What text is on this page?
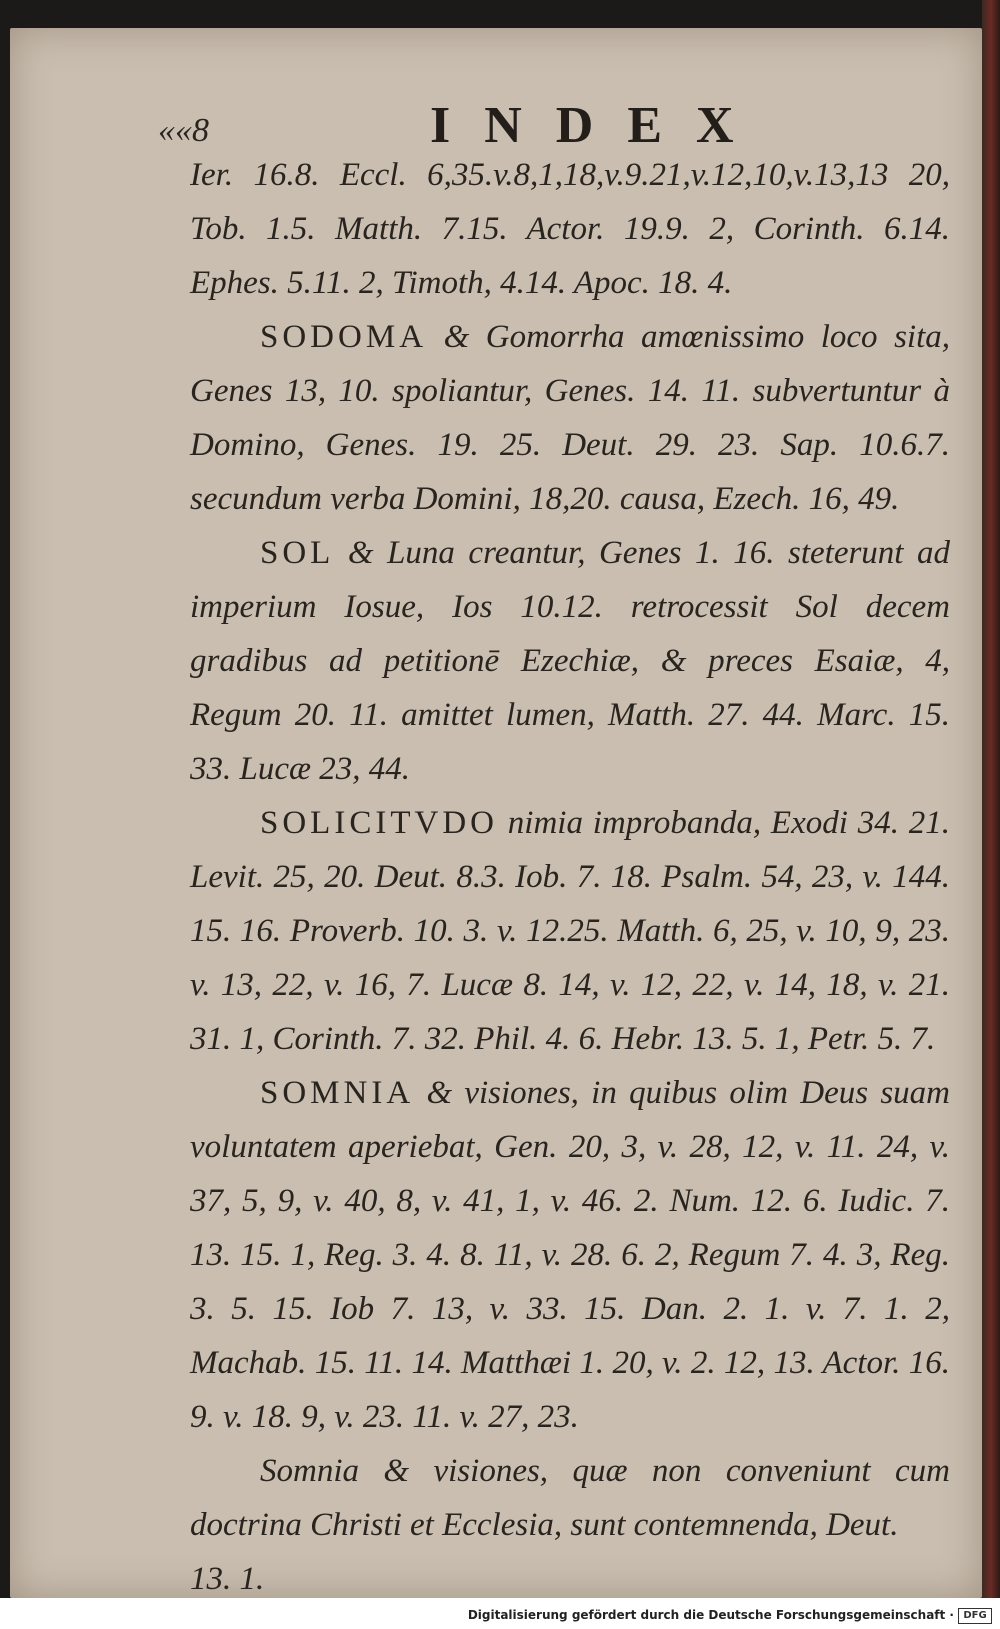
««8	INDEX

Ier. 16.8. Eccl. 6,35.v.8,1,18,v.9.21,v.12,10,v.13,13 20, Tob. 1.5. Matth. 7.15. Actor. 19.9. 2, Corinth. 6.14. Ephes. 5.11. 2, Timoth, 4.14. Apoc. 18. 4.

SODOMA & Gomorrha amœnissimo loco sita, Genes 13, 10. spoliantur, Genes. 14. 11. subvertuntur à Domino, Genes. 19. 25. Deut. 29. 23. Sap. 10.6.7. secundum verba Domini, 18,20. causa, Ezech. 16, 49.

SOL & Luna creantur, Genes 1. 16. steterunt ad imperium Iosue, Ios 10.12. retrocessit Sol decem gradibus ad petitionē Ezechiæ, & preces Esaiæ, 4, Regum 20. 11. amittet lumen, Matth. 27. 44. Marc. 15. 33. Lucæ 23, 44.

SOLICITVDO nimia improbanda, Exodi 34. 21. Levit. 25, 20. Deut. 8.3. Iob. 7. 18. Psalm. 54, 23, v. 144. 15. 16. Proverb. 10. 3. v. 12.25. Matth. 6, 25, v. 10, 9, 23. v. 13, 22, v. 16, 7. Lucæ 8. 14, v. 12, 22, v. 14, 18, v. 21. 31. 1, Corinth. 7. 32. Phil. 4. 6. Hebr. 13. 5. 1, Petr. 5. 7.

SOMNIA & visiones, in quibus olim Deus suam voluntatem aperiebat, Gen. 20, 3, v. 28, 12, v. 11. 24, v. 37, 5, 9, v. 40, 8, v. 41, 1, v. 46. 2. Num. 12. 6. Iudic. 7. 13. 15. 1, Reg. 3. 4. 8. 11, v. 28. 6. 2, Regum 7. 4. 3, Reg. 3. 5. 15. Iob 7. 13, v. 33. 15. Dan. 2. 1. v. 7. 1. 2, Machab. 15. 11. 14. Matthæi 1. 20, v. 2. 12, 13. Actor. 16. 9. v. 18. 9, v. 23. 11. v. 27, 23.

Somnia & visiones, quæ non conveniunt cum doctrina Christi et Ecclesia, sunt contemnenda, Deut.

13. 1.

Digitalisierung gefördert durch die Deutsche Forschungsgemeinschaft · DFG
